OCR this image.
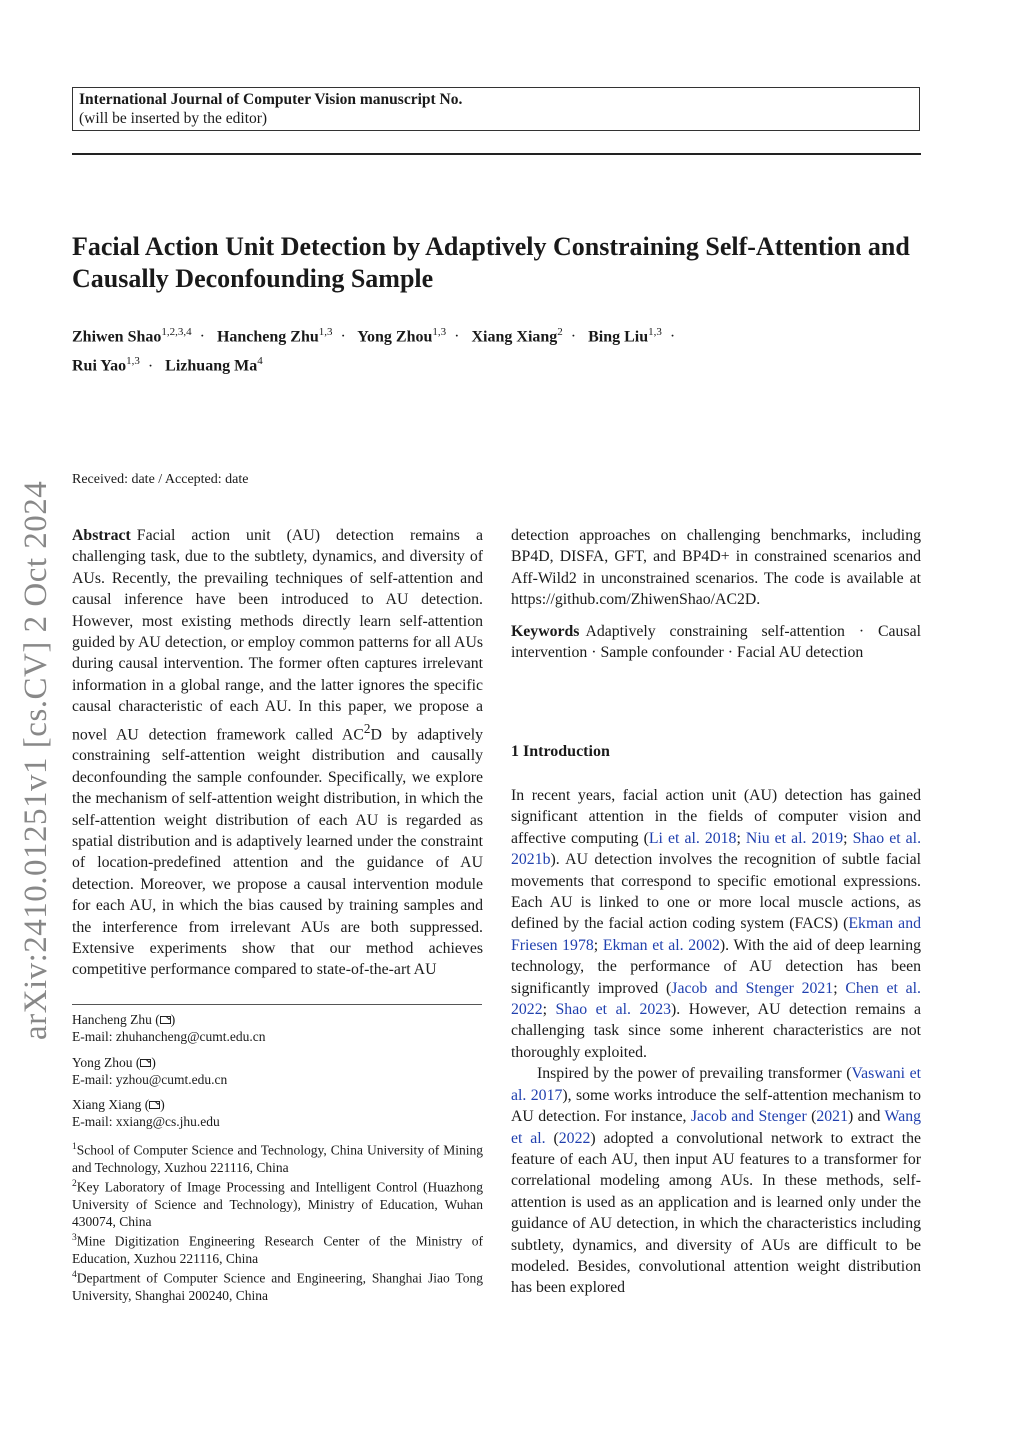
International Journal of Computer Vision manuscript No.
(will be inserted by the editor)
Facial Action Unit Detection by Adaptively Constraining Self-Attention and Causally Deconfounding Sample
Zhiwen Shao$^{1,2,3,4}$ · Hancheng Zhu$^{1,3}$ · Yong Zhou$^{1,3}$ · Xiang Xiang$^2$ · Bing Liu$^{1,3}$ ·
Rui Yao$^{1,3}$ · Lizhuang Ma$^4$
arXiv:2410.01251v1 [cs.CV] 2 Oct 2024
Received: date / Accepted: date

Abstract Facial action unit (AU) detection remains a challenging task, due to the subtlety, dynamics, and diversity of AUs. Recently, the prevailing techniques of self-attention and causal inference have been introduced to AU detection. However, most existing methods directly learn self-attention guided by AU detection, or employ common patterns for all AUs during causal intervention. The former often captures irrelevant information in a global range, and the latter ignores the specific causal characteristic of each AU. In this paper, we propose a novel AU detection framework called $AC^2D$ by adaptively constraining self-attention weight distribution and causally deconfounding the sample confounder. Specifically, we explore the mechanism of self-attention weight distribution, in which the self-attention weight distribution of each AU is regarded as spatial distribution and is adaptively learned under the constraint of location-predefined attention and the guidance of AU detection. Moreover, we propose a causal intervention module for each AU, in which the bias caused by training samples and the interference from irrelevant AUs are both suppressed. Extensive experiments show that our method achieves competitive performance compared to state-of-the-art AU

detection approaches on challenging benchmarks, including BP4D, DISFA, GFT, and BP4D+ in constrained scenarios and Aff-Wild2 in unconstrained scenarios. The code is available at https://github.com/ZhiwenShao/AC2D.

Keywords Adaptively constraining self-attention · Causal intervention · Sample confounder · Facial AU detection

1 Introduction

In recent years, facial action unit (AU) detection has gained significant attention in the fields of computer vision and affective computing (Li et al. 2018; Niu et al. 2019; Shao et al. 2021b). AU detection involves the recognition of subtle facial movements that correspond to specific emotional expressions. Each AU is linked to one or more local muscle actions, as defined by the facial action coding system (FACS) (Ekman and Friesen 1978; Ekman et al. 2002). With the aid of deep learning technology, the performance of AU detection has been significantly improved (Jacob and Stenger 2021; Chen et al. 2022; Shao et al. 2023). However, AU detection remains a challenging task since some inherent characteristics are not thoroughly exploited.

Inspired by the power of prevailing transformer (Vaswani et al. 2017), some works introduce the self-attention mechanism to AU detection. For instance, Jacob and Stenger (2021) and Wang et al. (2022) adopted a convolutional network to extract the feature of each AU, then input AU features to a transformer for correlational modeling among AUs. In these methods, self-attention is used as an application and is learned only under the guidance of AU detection, in which the characteristics including subtlety, dynamics, and diversity of AUs are difficult to be modeled. Besides, convolutional attention weight distribution has been explored

Hancheng Zhu ( )
E-mail: zhuhancheng@cumt.edu.cn
Yong Zhou ( )
E-mail: yzhou@cumt.edu.cn
Xiang Xiang ( )
E-mail: xxiang@cs.jhu.edu

$^1$School of Computer Science and Technology, China University of Mining and Technology, Xuzhou 221116, China

$^2$Key Laboratory of Image Processing and Intelligent Control (Huazhong University of Science and Technology), Ministry of Education, Wuhan 430074, China

$^3$Mine Digitization Engineering Research Center of the Ministry of Education, Xuzhou 221116, China

$^4$Department of Computer Science and Engineering, Shanghai Jiao Tong University, Shanghai 200240, China
